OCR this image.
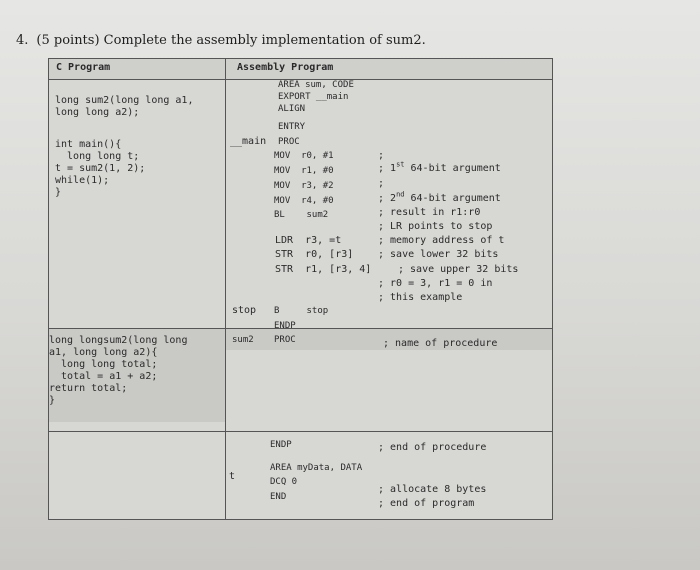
4. (5 points) Complete the assembly implementation of sum2.
C Program	Assembly Program
long sum2(long long a1,
long long a2);
int main(){
long long t;
t = sum2(1, 2);
while(1);
}
long longsum2(long long
a1, long long a2){
long long total;
total = a1 + a2;
return total;
}
__main
stop
sum2
t
AREA sum, CODE
EXPORT __main
ALIGN
ENTRY
PROC
MOV  r0, #1
MOV  r1, #0
MOV  r3, #2
MOV  r4, #0
BL    sum2
LDR  r3, =t
STR  r0, [r3]
STR  r1, [r3, 4]
B     stop
ENDP
PROC
ENDP
AREA myData, DATA
DCQ 0
END
;
; 1st 64-bit argument
;
; 2nd 64-bit argument
; result in r1:r0
; LR points to stop
; memory address of t
; save lower 32 bits
; save upper 32 bits
; r0 = 3, r1 = 0 in
; this example
; name of procedure
; end of procedure
; allocate 8 bytes
; end of program
